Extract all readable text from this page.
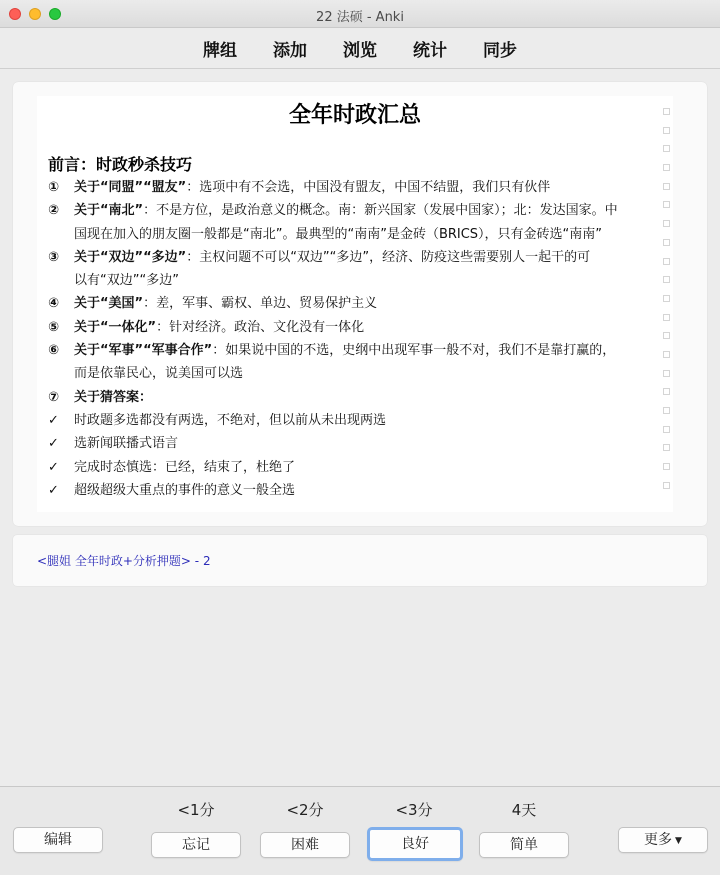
22 法硕 - Anki
牌组	添加	浏览	统计	同步
全年时政汇总
前言：时政秒杀技巧
①	关于“同盟”“盟友”：选项中有不会选，中国没有盟友，中国不结盟，我们只有伙伴
②	关于“南北”：不是方位，是政治意义的概念。南：新兴国家（发展中国家）；北：发达国家。中
国现在加入的朋友圈一般都是“南北”。最典型的“南南”是金砖（BRICS），只有金砖选“南南”
③	关于“双边”“多边”：主权问题不可以“双边”“多边”，经济、防疫这些需要别人一起干的可
以有“双边”“多边”
④	关于“美国”：差，军事、霸权、单边、贸易保护主义
⑤	关于“一体化”：针对经济。政治、文化没有一体化
⑥	关于“军事”“军事合作”：如果说中国的不选，史纲中出现军事一般不对，我们不是靠打赢的，
而是依靠民心，说美国可以选
⑦	关于猜答案：
✓	时政题多选都没有两选，不绝对，但以前从未出现两选
✓	选新闻联播式语言
✓	完成时态慎选：已经，结束了，杜绝了
✓	超级超级大重点的事件的意义一般全选
<腿姐 全年时政+分析押题> - 2
编辑
<1分	<2分	<3分	4天
忘记	困难	良好	简单	更多 ▼
